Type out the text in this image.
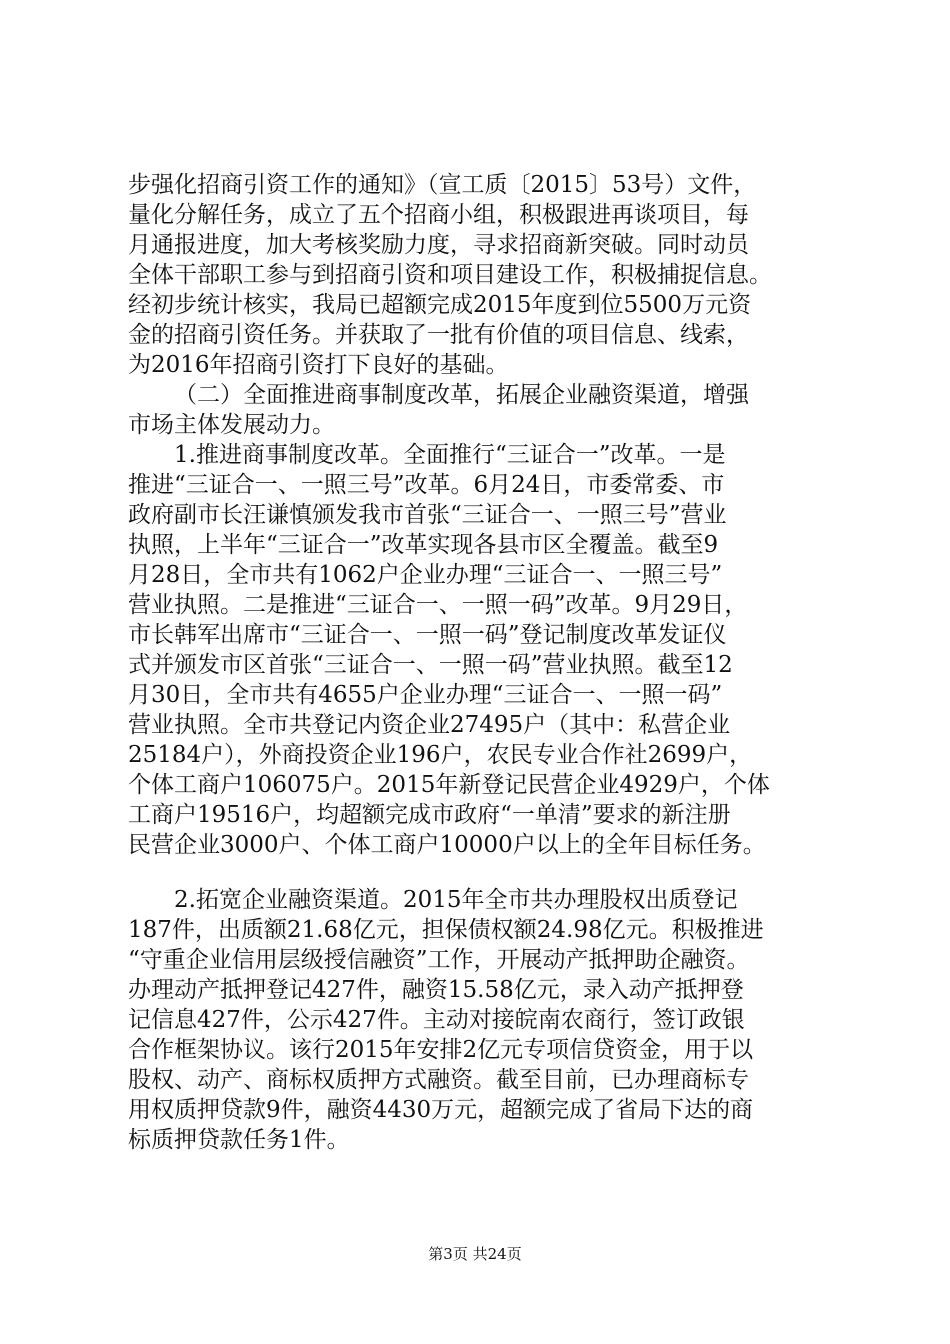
步强化招商引资工作的通知》（宣工质〔2015〕53号）文件，
量化分解任务，成立了五个招商小组，积极跟进再谈项目，每
月通报进度，加大考核奖励力度，寻求招商新突破。同时动员
全体干部职工参与到招商引资和项目建设工作，积极捕捉信息。
经初步统计核实，我局已超额完成2015年度到位5500万元资
金的招商引资任务。并获取了一批有价值的项目信息、线索，
为2016年招商引资打下良好的基础。
（二）全面推进商事制度改革，拓展企业融资渠道，增强
市场主体发展动力。
1.推进商事制度改革。全面推行“三证合一”改革。一是
推进“三证合一、一照三号”改革。6月24日，市委常委、市
政府副市长汪谦慎颁发我市首张“三证合一、一照三号”营业
执照，上半年“三证合一”改革实现各县市区全覆盖。截至9
月28日，全市共有1062户企业办理“三证合一、一照三号”
营业执照。二是推进“三证合一、一照一码”改革。9月29日，
市长韩军出席市“三证合一、一照一码”登记制度改革发证仪
式并颁发市区首张“三证合一、一照一码”营业执照。截至12
月30日，全市共有4655户企业办理“三证合一、一照一码”
营业执照。全市共登记内资企业27495户（其中：私营企业
25184户），外商投资企业196户，农民专业合作社2699户，
个体工商户106075户。2015年新登记民营企业4929户，个体
工商户19516户，均超额完成市政府“一单清”要求的新注册
民营企业3000户、个体工商户10000户以上的全年目标任务。
2.拓宽企业融资渠道。2015年全市共办理股权出质登记
187件，出质额21.68亿元，担保债权额24.98亿元。积极推进
“守重企业信用层级授信融资”工作，开展动产抵押助企融资。
办理动产抵押登记427件，融资15.58亿元，录入动产抵押登
记信息427件，公示427件。主动对接皖南农商行，签订政银
合作框架协议。该行2015年安排2亿元专项信贷资金，用于以
股权、动产、商标权质押方式融资。截至目前，已办理商标专
用权质押贷款9件，融资4430万元，超额完成了省局下达的商
标质押贷款任务1件。
第3页 共24页
